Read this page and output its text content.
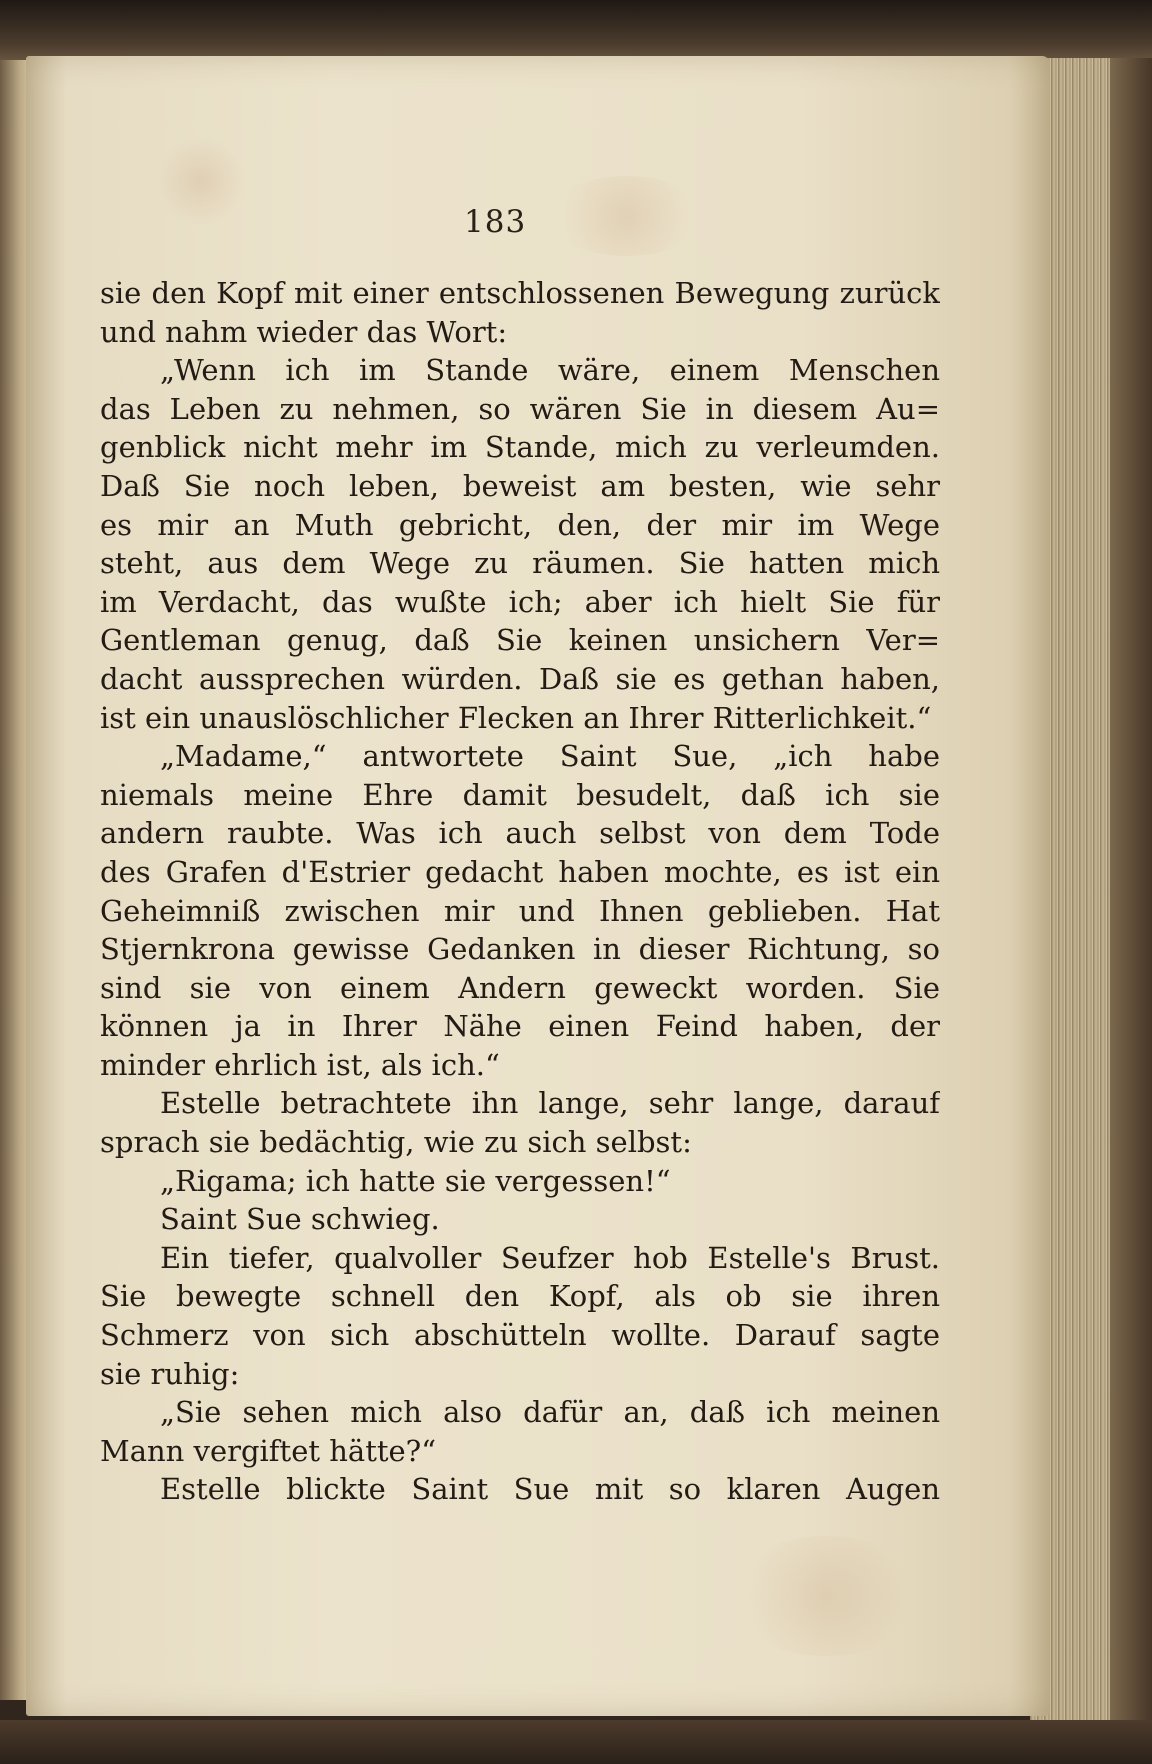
183
sie den Kopf mit einer entschlossenen Bewegung zurück
und nahm wieder das Wort:
„Wenn ich im Stande wäre, einem Menschen
das Leben zu nehmen, so wären Sie in diesem Au=
genblick nicht mehr im Stande, mich zu verleumden.
Daß Sie noch leben, beweist am besten, wie sehr
es mir an Muth gebricht, den, der mir im Wege
steht, aus dem Wege zu räumen. Sie hatten mich
im Verdacht, das wußte ich; aber ich hielt Sie für
Gentleman genug, daß Sie keinen unsichern Ver=
dacht aussprechen würden. Daß sie es gethan haben,
ist ein unauslöschlicher Flecken an Ihrer Ritterlichkeit.“
„Madame,“ antwortete Saint Sue, „ich habe
niemals meine Ehre damit besudelt, daß ich sie
andern raubte. Was ich auch selbst von dem Tode
des Grafen d'Estrier gedacht haben mochte, es ist ein
Geheimniß zwischen mir und Ihnen geblieben. Hat
Stjernkrona gewisse Gedanken in dieser Richtung, so
sind sie von einem Andern geweckt worden. Sie
können ja in Ihrer Nähe einen Feind haben, der
minder ehrlich ist, als ich.“
Estelle betrachtete ihn lange, sehr lange, darauf
sprach sie bedächtig, wie zu sich selbst:
„Rigama; ich hatte sie vergessen!“
Saint Sue schwieg.
Ein tiefer, qualvoller Seufzer hob Estelle's Brust.
Sie bewegte schnell den Kopf, als ob sie ihren
Schmerz von sich abschütteln wollte. Darauf sagte
sie ruhig:
„Sie sehen mich also dafür an, daß ich meinen
Mann vergiftet hätte?“
Estelle blickte Saint Sue mit so klaren Augen
